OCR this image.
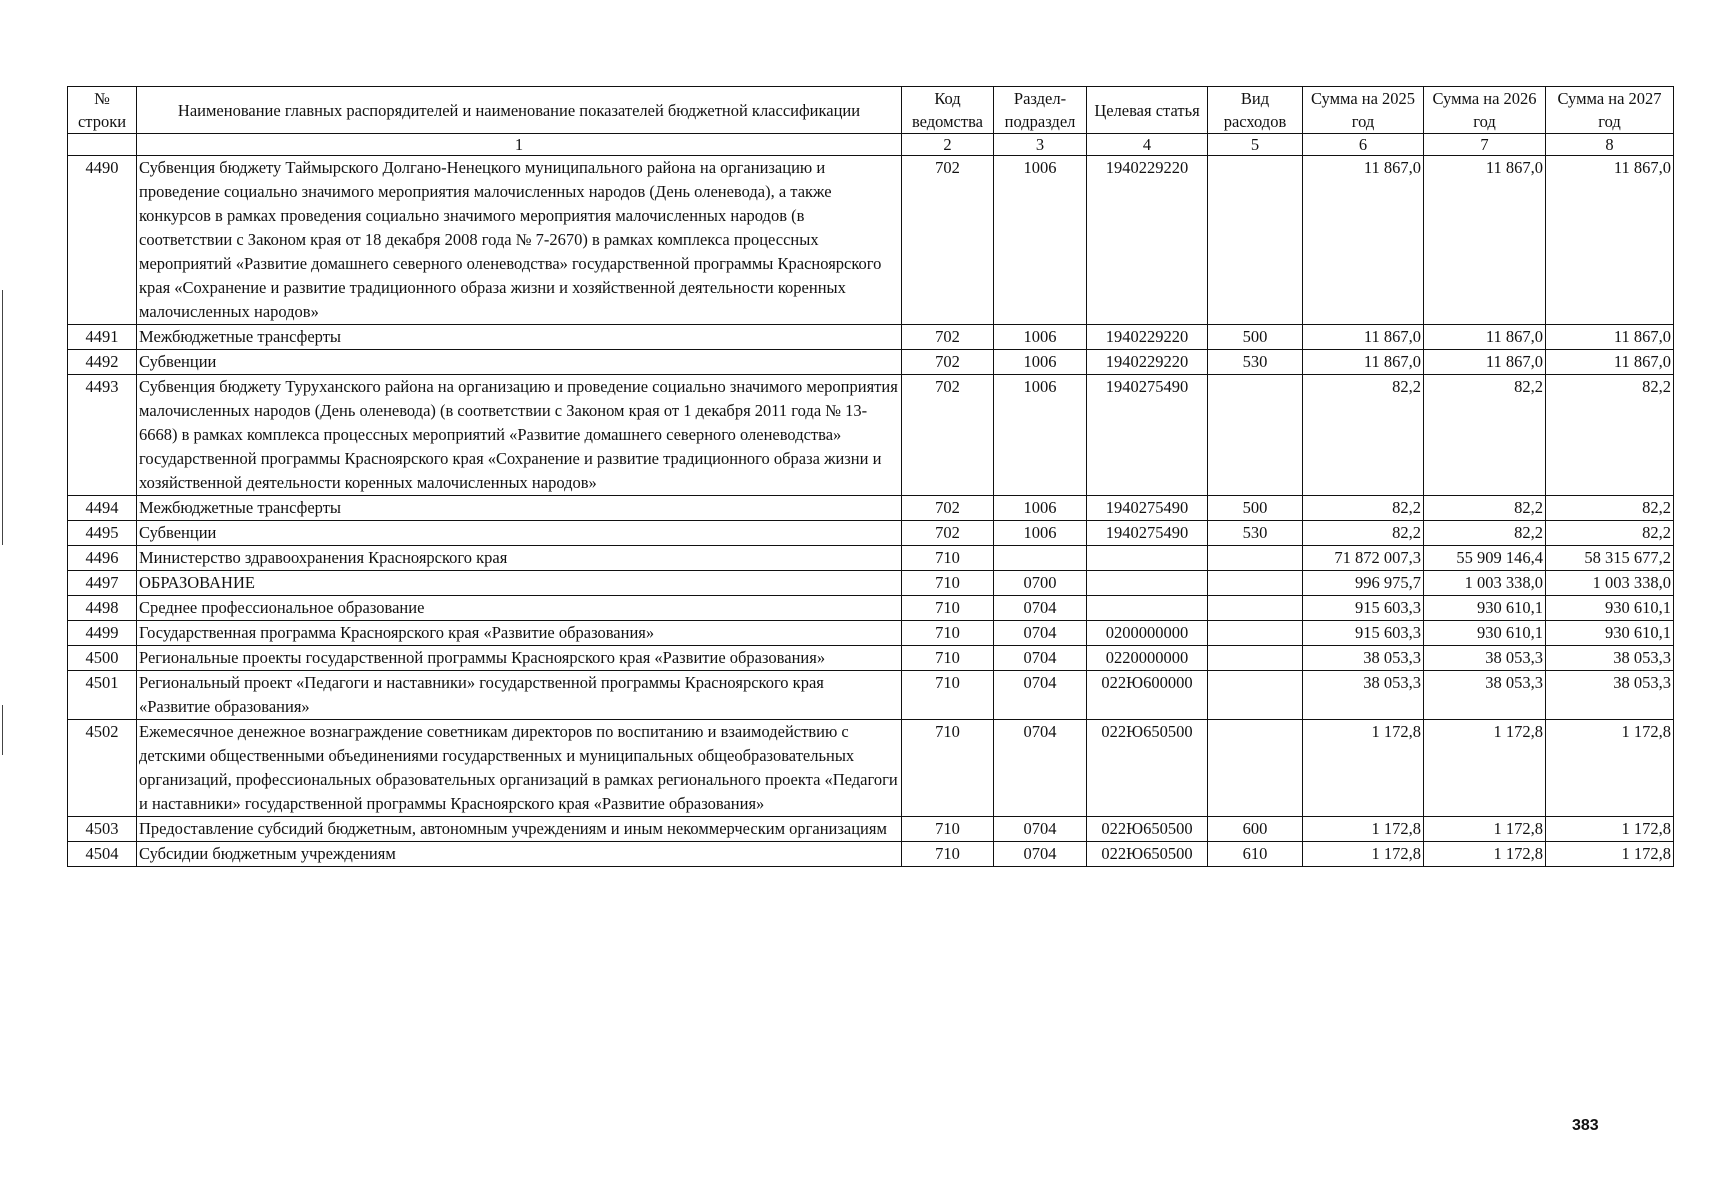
№ строки	Наименование главных распорядителей и наименование показателей бюджетной классификации	Код ведомства	Раздел-подраздел	Целевая статья	Вид расходов	Сумма на 2025 год	Сумма на 2026 год	Сумма на 2027 год
	1	2	3	4	5	6	7	8
4490	Субвенция бюджету Таймырского Долгано-Ненецкого муниципального района на организацию и проведение социально значимого мероприятия малочисленных народов (День оленевода), а также конкурсов в рамках проведения социально значимого мероприятия малочисленных народов (в соответствии с Законом края от 18 декабря 2008 года № 7-2670) в рамках комплекса процессных мероприятий «Развитие домашнего северного оленеводства» государственной программы Красноярского края «Сохранение и развитие традиционного образа жизни и хозяйственной деятельности коренных малочисленных народов»	702	1006	1940229220		11 867,0	11 867,0	11 867,0
4491	Межбюджетные трансферты	702	1006	1940229220	500	11 867,0	11 867,0	11 867,0
4492	Субвенции	702	1006	1940229220	530	11 867,0	11 867,0	11 867,0
4493	Субвенция бюджету Туруханского района на организацию и проведение социально значимого мероприятия малочисленных народов (День оленевода) (в соответствии с Законом края от 1 декабря 2011 года № 13-6668) в рамках комплекса процессных мероприятий «Развитие домашнего северного оленеводства» государственной программы Красноярского края «Сохранение и развитие традиционного образа жизни и хозяйственной деятельности коренных малочисленных народов»	702	1006	1940275490		82,2	82,2	82,2
4494	Межбюджетные трансферты	702	1006	1940275490	500	82,2	82,2	82,2
4495	Субвенции	702	1006	1940275490	530	82,2	82,2	82,2
4496	Министерство здравоохранения Красноярского края	710				71 872 007,3	55 909 146,4	58 315 677,2
4497	ОБРАЗОВАНИЕ	710	0700			996 975,7	1 003 338,0	1 003 338,0
4498	Среднее профессиональное образование	710	0704			915 603,3	930 610,1	930 610,1
4499	Государственная программа Красноярского края «Развитие образования»	710	0704	0200000000		915 603,3	930 610,1	930 610,1
4500	Региональные проекты государственной программы Красноярского края «Развитие образования»	710	0704	0220000000		38 053,3	38 053,3	38 053,3
4501	Региональный проект «Педагоги и наставники» государственной программы Красноярского края «Развитие образования»	710	0704	022Ю600000		38 053,3	38 053,3	38 053,3
4502	Ежемесячное денежное вознаграждение советникам директоров по воспитанию и взаимодействию с детскими общественными объединениями государственных и муниципальных общеобразовательных организаций, профессиональных образовательных организаций в рамках регионального проекта «Педагоги и наставники» государственной программы Красноярского края «Развитие образования»	710	0704	022Ю650500		1 172,8	1 172,8	1 172,8
4503	Предоставление субсидий бюджетным, автономным учреждениям и иным некоммерческим организациям	710	0704	022Ю650500	600	1 172,8	1 172,8	1 172,8
4504	Субсидии бюджетным учреждениям	710	0704	022Ю650500	610	1 172,8	1 172,8	1 172,8
383
